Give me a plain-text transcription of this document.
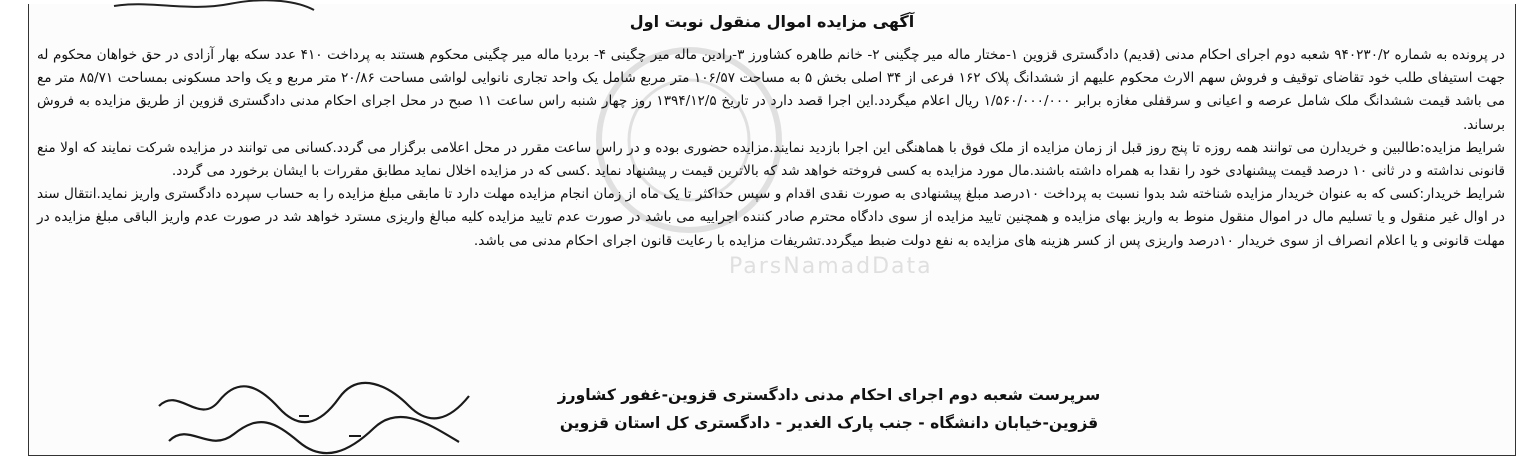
آگهی مزایده اموال منقول نوبت اول

در پرونده به شماره ۹۴۰۲۳۰/۲ شعبه دوم اجرای احکام مدنی (قدیم) دادگستری قزوین ۱-مختار ماله میر چگینی ۲- خانم طاهره کشاورز ۳-رادین ماله میر چگینی ۴- بردیا ماله میر چگینی محکوم هستند به پرداخت ۴۱۰ عدد سکه بهار آزادی در حق خواهان محکوم له جهت استیفای طلب خود تقاضای توقیف و فروش سهم الارث محکوم علیهم از ششدانگ پلاک ۱۶۲ فرعی از ۳۴ اصلی بخش ۵ به مساحت ۱۰۶/۵۷ متر مربع شامل یک واحد تجاری نانوایی لواشی مساحت ۲۰/۸۶ متر مربع و یک واحد مسکونی بمساحت ۸۵/۷۱ متر مع می باشد قیمت ششدانگ ملک شامل عرصه و اعیانی و سرقفلی مغازه برابر ۱/۵۶۰/۰۰۰/۰۰۰ ریال اعلام میگردد.این اجرا قصد دارد در تاریخ ۱۳۹۴/۱۲/۵ روز چهار شنبه راس ساعت ۱۱ صبح در محل اجرای احکام مدنی دادگستری قزوین از طریق مزایده به فروش برساند.

شرایط مزایده:طالبین و خریدارن می توانند همه روزه تا پنج روز قبل از زمان مزایده از ملک فوق با هماهنگی این اجرا بازدید نمایند.مزایده حضوری بوده و در راس ساعت مقرر در محل اعلامی برگزار می گردد.کسانی می توانند در مزایده شرکت نمایند که اولا منع قانونی نداشته و در ثانی ۱۰ درصد قیمت پیشنهادی خود را نقدا به همراه داشته باشند.مال مورد مزایده به کسی فروخته خواهد شد که بالاترین قیمت ر پیشنهاد نماید .کسی که در مزایده اخلال نماید مطابق مقررات با ایشان برخورد می گردد.

شرایط خریدار:کسی که به عنوان خریدار مزایده شناخته شد بدوا نسبت به پرداخت ۱۰درصد مبلغ پیشنهادی به صورت نقدی اقدام و سپس حداکثر تا یک ماه از زمان انجام مزایده مهلت دارد تا مابقی مبلغ مزایده را به حساب سپرده دادگستری واریز نماید.انتقال سند در اوال غیر منقول و یا تسلیم مال در اموال منقول منوط به واریز بهای مزایده و همچنین تایید مزایده از سوی دادگاه محترم صادر کننده اجراییه می باشد در صورت عدم تایید مزایده کلیه مبالغ واریزی مسترد خواهد شد در صورت عدم واریز الباقی مبلغ مزایده در مهلت قانونی و یا اعلام انصراف از سوی خریدار ۱۰درصد واریزی پس از کسر هزینه های مزایده به نفع دولت ضبط میگردد.تشریفات مزایده با رعایت قانون اجرای احکام مدنی می باشد.

ParsNamadData
سرپرست شعبه دوم اجرای احکام مدنی دادگستری قزوین-غفور کشاورز
قزوین-خیابان دانشگاه - جنب پارک الغدیر - دادگستری کل استان قزوین
